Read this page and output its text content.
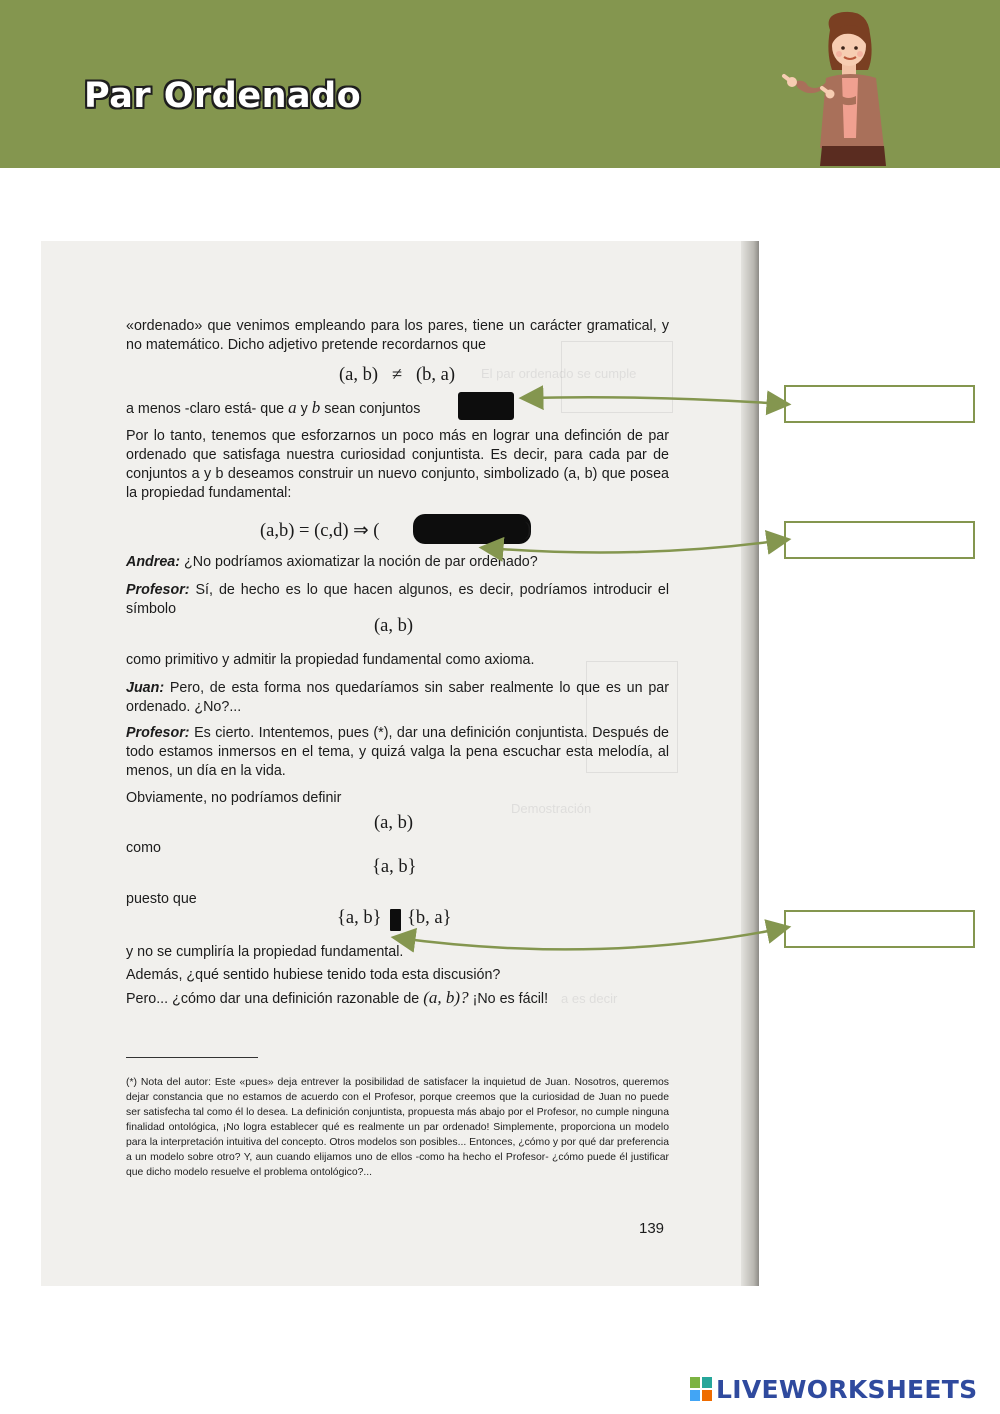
Par Ordenado
El par ordenado se cumple
Demostración
a es decir

«ordenado» que venimos empleando para los pares, tiene un carácter gramatical, y no matemático. Dicho adjetivo pretende recordarnos que

(a, b) ≠ (b, a)
a menos -claro está- que a y b sean conjuntos

Por lo tanto, tenemos que esforzarnos un poco más en lograr una definción de par ordenado que satisfaga nuestra curiosidad conjuntista. Es decir, para cada par de conjuntos a y b deseamos construir un nuevo conjunto, simbolizado (a, b) que posea la propiedad fundamental:

(a,b) = (c,d) ⇒ (	)

Andrea: ¿No podríamos axiomatizar la noción de par ordenado?

Profesor: Sí, de hecho es lo que hacen algunos, es decir, podríamos introducir el símbolo

(a, b)

como primitivo y admitir la propiedad fundamental como axioma.

Juan: Pero, de esta forma nos quedaríamos sin saber realmente lo que es un par ordenado. ¿No?...

Profesor: Es cierto. Intentemos, pues (*), dar una definición conjuntista. Después de todo estamos inmersos en el tema, y quizá valga la pena escuchar esta melodía, al menos, un día en la vida.

Obviamente, no podríamos definir

(a, b)

como

{a, b}

puesto que

{a, b} {b, a}

y no se cumpliría la propiedad fundamental.

Además, ¿qué sentido hubiese tenido toda esta discusión?

Pero... ¿cómo dar una definición razonable de (a, b)? ¡No es fácil!

(*) Nota del autor: Este «pues» deja entrever la posibilidad de satisfacer la inquietud de Juan. Nosotros, queremos dejar constancia que no estamos de acuerdo con el Profesor, porque creemos que la curiosidad de Juan no puede ser satisfecha tal como él lo desea. La definición conjuntista, propuesta más abajo por el Profesor, no cumple ninguna finalidad ontológica, ¡No logra establecer qué es realmente un par ordenado! Simplemente, proporciona un modelo para la interpretación intuitiva del concepto. Otros modelos son posibles... Entonces, ¿cómo y por qué dar preferencia a un modelo sobre otro? Y, aun cuando elijamos uno de ellos -como ha hecho el Profesor- ¿cómo puede él justificar que dicho modelo resuelve el problema ontológico?...

139
LIVEWORKSHEETS
